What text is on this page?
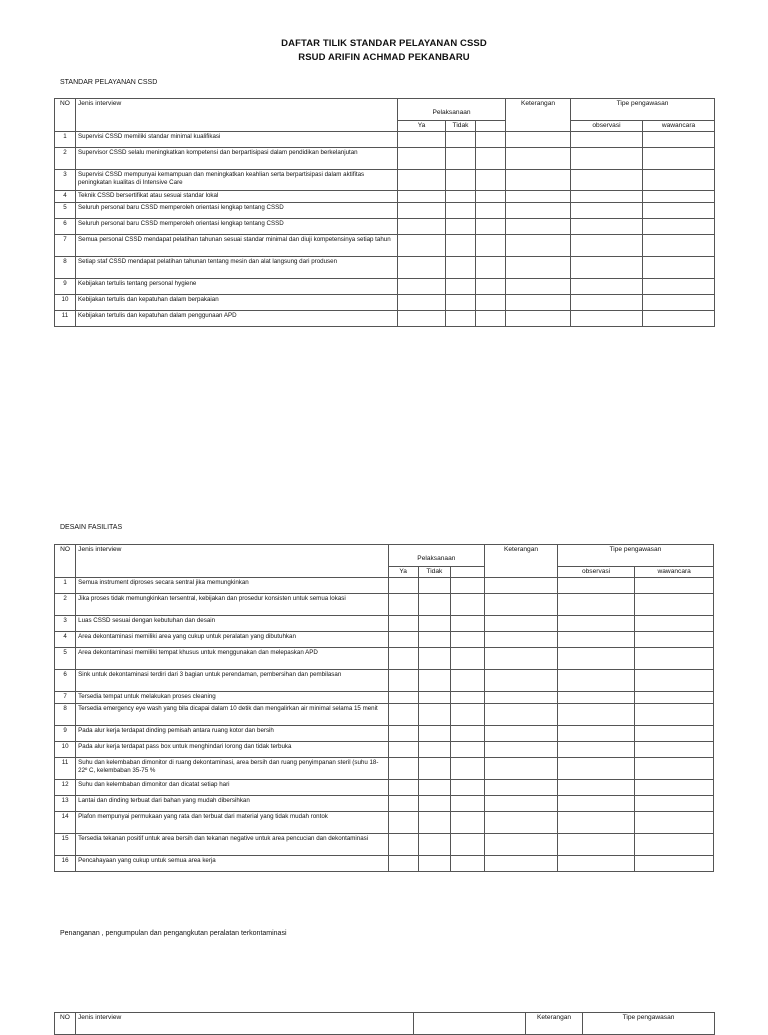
DAFTAR TILIK STANDAR PELAYANAN CSSD
RSUD ARIFIN ACHMAD PEKANBARU
STANDAR PELAYANAN CSSD
NO	Jenis interview	Pelaksanaan			Keterangan	Tipe pengawasan	
		Ya	Tidak			observasi	wawancara
1	Supervisi CSSD memiliki standar minimal kualifikasi						
2	Supervisor CSSD selalu meningkatkan kompetensi dan berpartisipasi dalam pendidikan berkelanjutan						
3	Supervisi CSSD mempunyai kemampuan dan meningkatkan keahlian serta berpartisipasi dalam aktifitas peningkatan kualitas di Intensive Care						
4	Teknik CSSD bersertifikat atau sesuai standar lokal						
5	Seluruh personal baru CSSD memperoleh orientasi lengkap tentang CSSD						
6	Seluruh personal baru CSSD memperoleh orientasi lengkap tentang CSSD						
7	Semua personal CSSD mendapat pelatihan tahunan sesuai standar minimal dan diuji kompetensinya setiap tahun						
8	Setiap staf CSSD mendapat pelatihan tahunan tentang mesin dan alat langsung dari produsen						
9	Kebijakan tertulis tentang personal hygiene						
10	Kebijakan tertulis dan kepatuhan dalam berpakaian						
11	Kebijakan tertulis dan kepatuhan dalam penggunaan APD						
DESAIN FASILITAS
NO	Jenis interview	Pelaksanaan			Keterangan	Tipe pengawasan	
		Ya	Tidak			observasi	wawancara
1	Semua instrument diproses secara sentral jika memungkinkan						
2	Jika proses tidak memungkinkan tersentral, kebijakan dan prosedur konsisten untuk semua lokasi						
3	Luas CSSD sesuai dengan kebutuhan dan desain						
4	Area dekontaminasi memiliki area yang cukup untuk peralatan yang dibutuhkan						
5	Area dekontaminasi memiliki tempat khusus untuk menggunakan dan melepaskan APD						
6	Sink untuk dekontaminasi terdiri dari 3 bagian untuk perendaman, pembersihan dan pembilasan						
7	Tersedia tempat untuk melakukan proses cleaning						
8	Tersedia emergency eye wash yang bila dicapai dalam 10 detik dan mengalirkan air minimal selama 15 menit						
9	Pada alur kerja terdapat dinding pemisah antara ruang kotor dan bersih						
10	Pada alur kerja terdapat pass box untuk menghindari lorong dan tidak terbuka						
11	Suhu dan kelembaban dimonitor di ruang dekontaminasi, area bersih dan ruang penyimpanan steril (suhu 18-22º C, kelembaban 35-75 %						
12	Suhu dan kelembaban dimonitor dan dicatat setiap hari						
13	Lantai dan dinding terbuat dari bahan yang mudah dibersihkan						
14	Plafon mempunyai permukaan yang rata dan terbuat dari material yang tidak mudah rontok						
15	Tersedia tekanan positif untuk area bersih dan tekanan negative untuk area pencucian dan dekontaminasi						
16	Pencahayaan yang cukup untuk semua area kerja						
Penanganan , pengumpulan dan pengangkutan peralatan terkontaminasi
NO	Jenis interview		Keterangan	Tipe pengawasan
